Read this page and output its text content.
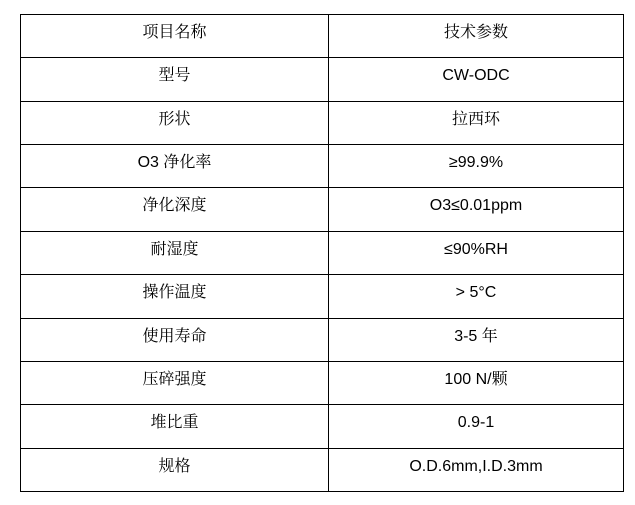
项目名称	技术参数
型号	CW-ODC
形状	拉西环
O3 净化率	≥99.9%
净化深度	O3≤0.01ppm
耐湿度	≤90%RH
操作温度	> 5°C
使用寿命	3-5 年
压碎强度	100 N/颗
堆比重	0.9-1
规格	O.D.6mm,I.D.3mm
